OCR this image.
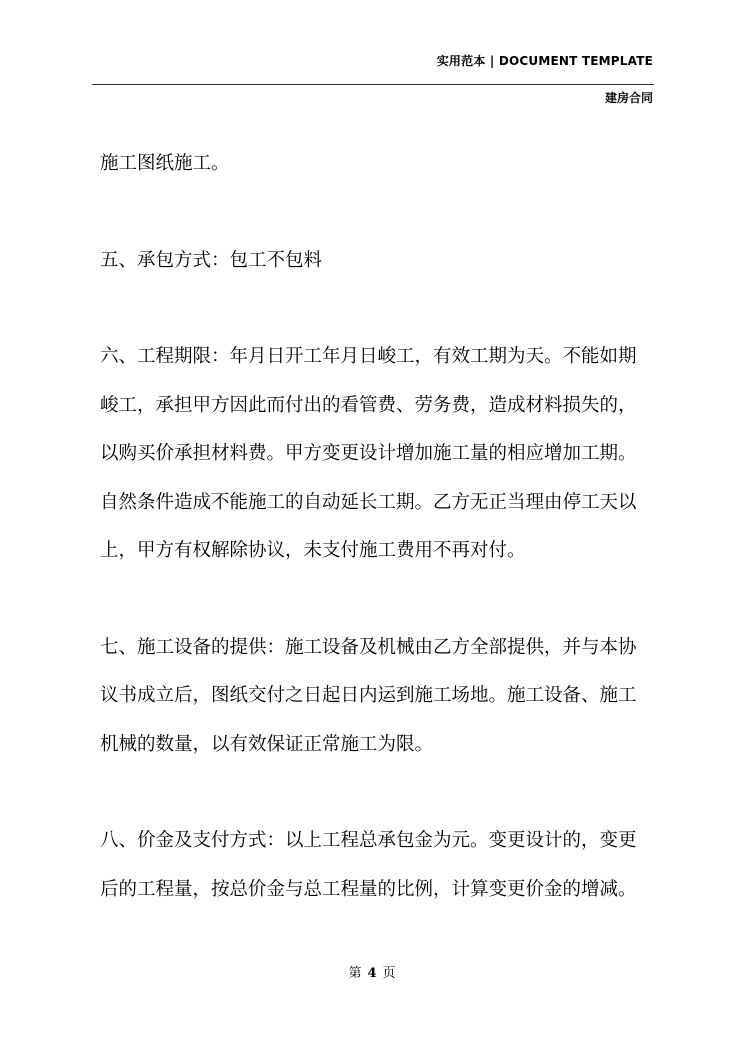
实用范本 | DOCUMENT TEMPLATE
建房合同
施工图纸施工。
五、承包方式：包工不包料
六、工程期限：年月日开工年月日峻工，有效工期为天。不能如期
峻工，承担甲方因此而付出的看管费、劳务费，造成材料损失的，
以购买价承担材料费。甲方变更设计增加施工量的相应增加工期。
自然条件造成不能施工的自动延长工期。乙方无正当理由停工天以
上，甲方有权解除协议，未支付施工费用不再对付。
七、施工设备的提供：施工设备及机械由乙方全部提供，并与本协
议书成立后，图纸交付之日起日内运到施工场地。施工设备、施工
机械的数量，以有效保证正常施工为限。
八、价金及支付方式：以上工程总承包金为元。变更设计的，变更
后的工程量，按总价金与总工程量的比例，计算变更价金的增减。
第 4 页
